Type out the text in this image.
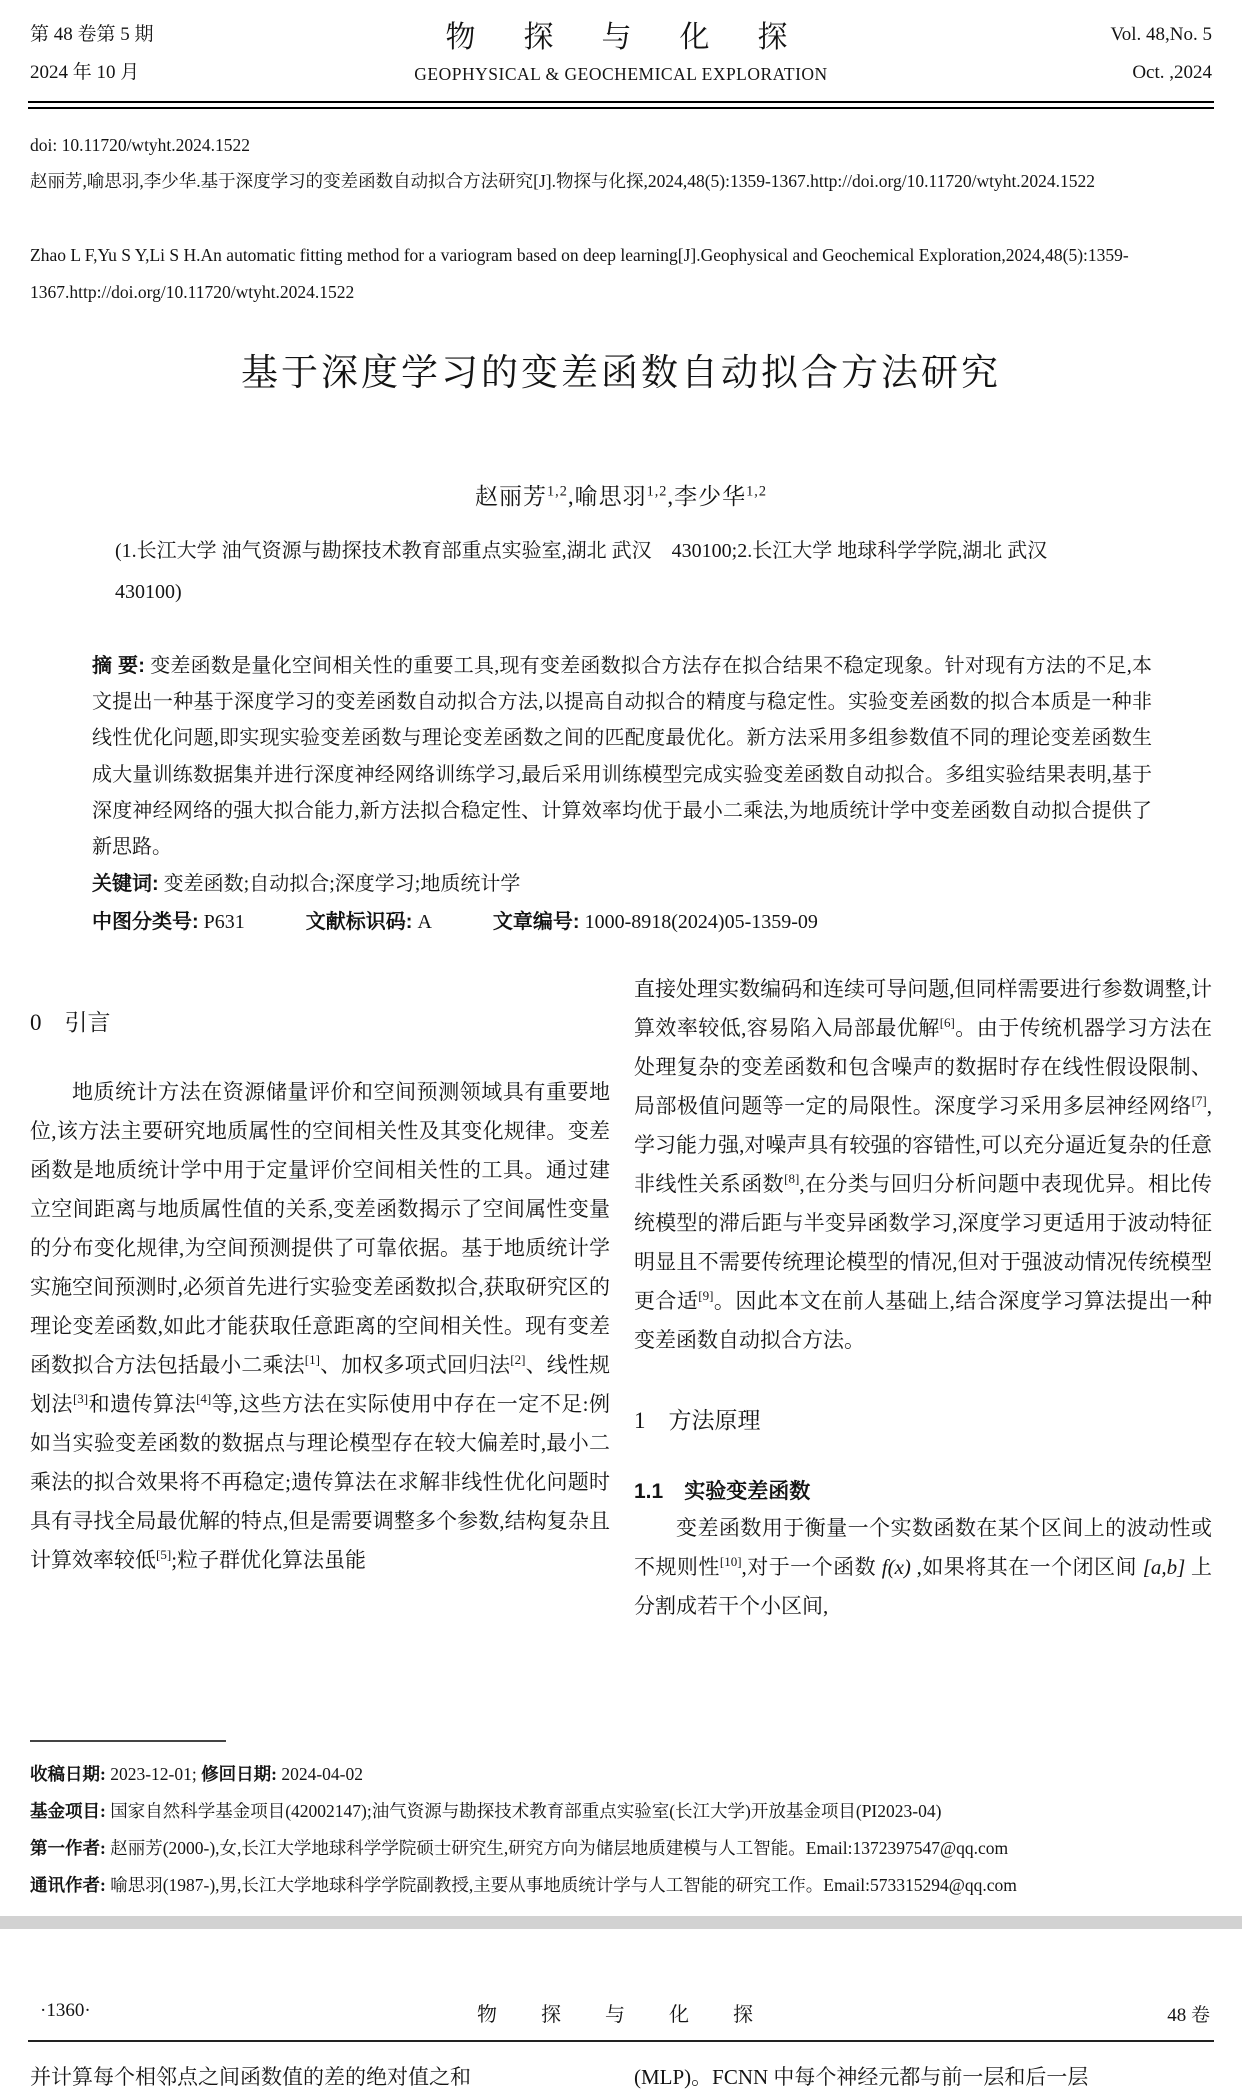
第 48 卷第 5 期
2024 年 10 月
物　探　与　化　探
GEOPHYSICAL & GEOCHEMICAL EXPLORATION
Vol. 48,No. 5
Oct. ,2024
doi: 10.11720/wtyht.2024.1522
赵丽芳,喻思羽,李少华.基于深度学习的变差函数自动拟合方法研究[J].物探与化探,2024,48(5):1359-1367.http://doi.org/10.11720/wtyht.2024.1522
Zhao L F,Yu S Y,Li S H.An automatic fitting method for a variogram based on deep learning[J].Geophysical and Geochemical Exploration,2024,48(5):1359-1367.http://doi.org/10.11720/wtyht.2024.1522
基于深度学习的变差函数自动拟合方法研究
赵丽芳$^{1,2}$,喻思羽$^{1,2}$,李少华$^{1,2}$
(1.长江大学 油气资源与勘探技术教育部重点实验室,湖北 武汉　430100;2.长江大学 地球科学学院,湖北 武汉　430100)
摘 要: 变差函数是量化空间相关性的重要工具,现有变差函数拟合方法存在拟合结果不稳定现象。针对现有方法的不足,本文提出一种基于深度学习的变差函数自动拟合方法,以提高自动拟合的精度与稳定性。实验变差函数的拟合本质是一种非线性优化问题,即实现实验变差函数与理论变差函数之间的匹配度最优化。新方法采用多组参数值不同的理论变差函数生成大量训练数据集并进行深度神经网络训练学习,最后采用训练模型完成实验变差函数自动拟合。多组实验结果表明,基于深度神经网络的强大拟合能力,新方法拟合稳定性、计算效率均优于最小二乘法,为地质统计学中变差函数自动拟合提供了新思路。
关键词: 变差函数;自动拟合;深度学习;地质统计学
中图分类号: P631	文献标识码: A	文章编号: 1000-8918(2024)05-1359-09
0　引言

地质统计方法在资源储量评价和空间预测领域具有重要地位,该方法主要研究地质属性的空间相关性及其变化规律。变差函数是地质统计学中用于定量评价空间相关性的工具。通过建立空间距离与地质属性值的关系,变差函数揭示了空间属性变量的分布变化规律,为空间预测提供了可靠依据。基于地质统计学实施空间预测时,必须首先进行实验变差函数拟合,获取研究区的理论变差函数,如此才能获取任意距离的空间相关性。现有变差函数拟合方法包括最小二乘法[1]、加权多项式回归法[2]、线性规划法[3]和遗传算法[4]等,这些方法在实际使用中存在一定不足:例如当实验变差函数的数据点与理论模型存在较大偏差时,最小二乘法的拟合效果将不再稳定;遗传算法在求解非线性优化问题时具有寻找全局最优解的特点,但是需要调整多个参数,结构复杂且计算效率较低[5];粒子群优化算法虽能

直接处理实数编码和连续可导问题,但同样需要进行参数调整,计算效率较低,容易陷入局部最优解[6]。由于传统机器学习方法在处理复杂的变差函数和包含噪声的数据时存在线性假设限制、局部极值问题等一定的局限性。深度学习采用多层神经网络[7],学习能力强,对噪声具有较强的容错性,可以充分逼近复杂的任意非线性关系函数[8],在分类与回归分析问题中表现优异。相比传统模型的滞后距与半变异函数学习,深度学习更适用于波动特征明显且不需要传统理论模型的情况,但对于强波动情况传统模型更合适[9]。因此本文在前人基础上,结合深度学习算法提出一种变差函数自动拟合方法。

1　方法原理
1.1　实验变差函数

变差函数用于衡量一个实数函数在某个区间上的波动性或不规则性[10],对于一个函数 f(x) ,如果将其在一个闭区间 [a,b] 上分割成若干个小区间,

收稿日期: 2023-12-01; 修回日期: 2024-04-02
基金项目: 国家自然科学基金项目(42002147);油气资源与勘探技术教育部重点实验室(长江大学)开放基金项目(PI2023-04)
第一作者: 赵丽芳(2000-),女,长江大学地球科学学院硕士研究生,研究方向为储层地质建模与人工智能。Email:1372397547@qq.com
通讯作者: 喻思羽(1987-),男,长江大学地球科学学院副教授,主要从事地质统计学与人工智能的研究工作。Email:573315294@qq.com
·1360·	物　探　与　化　探	48 卷
并计算每个相邻点之间函数值的差的绝对值之和	(MLP)。FCNN 中每个神经元都与前一层和后一层
